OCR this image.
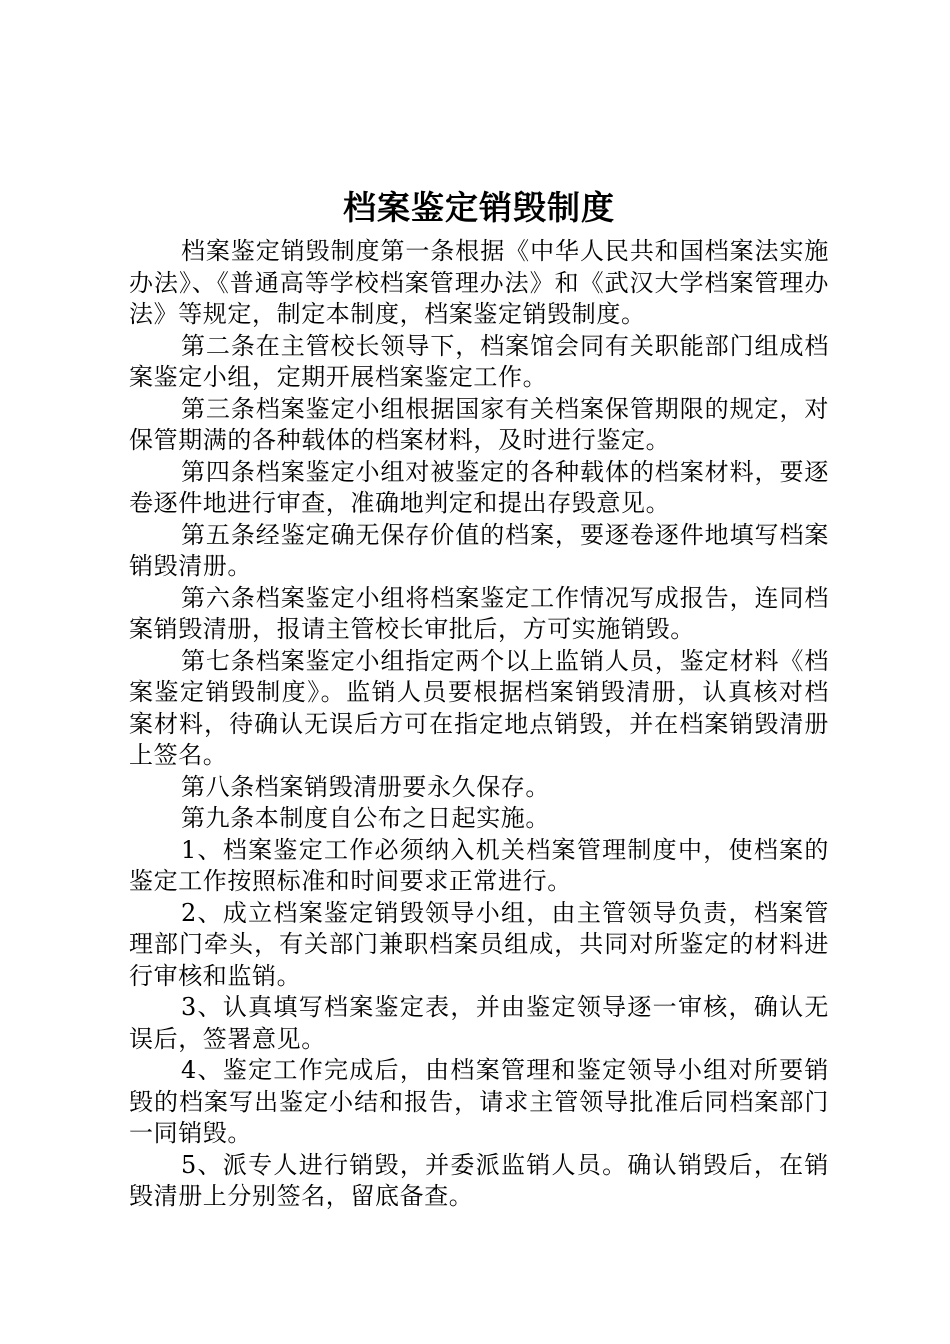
档案鉴定销毁制度

档案鉴定销毁制度第一条根据《中华人民共和国档案法实施办法》、《普通高等学校档案管理办法》和《武汉大学档案管理办法》等规定，制定本制度，档案鉴定销毁制度。

第二条在主管校长领导下，档案馆会同有关职能部门组成档案鉴定小组，定期开展档案鉴定工作。

第三条档案鉴定小组根据国家有关档案保管期限的规定，对保管期满的各种载体的档案材料，及时进行鉴定。

第四条档案鉴定小组对被鉴定的各种载体的档案材料，要逐卷逐件地进行审查，准确地判定和提出存毁意见。

第五条经鉴定确无保存价值的档案，要逐卷逐件地填写档案销毁清册。

第六条档案鉴定小组将档案鉴定工作情况写成报告，连同档案销毁清册，报请主管校长审批后，方可实施销毁。

第七条档案鉴定小组指定两个以上监销人员，鉴定材料《档案鉴定销毁制度》。监销人员要根据档案销毁清册，认真核对档案材料，待确认无误后方可在指定地点销毁，并在档案销毁清册上签名。

第八条档案销毁清册要永久保存。

第九条本制度自公布之日起实施。

1、档案鉴定工作必须纳入机关档案管理制度中，使档案的鉴定工作按照标准和时间要求正常进行。

2、成立档案鉴定销毁领导小组，由主管领导负责，档案管理部门牵头，有关部门兼职档案员组成，共同对所鉴定的材料进行审核和监销。

3、认真填写档案鉴定表，并由鉴定领导逐一审核，确认无误后，签署意见。

4、鉴定工作完成后，由档案管理和鉴定领导小组对所要销毁的档案写出鉴定小结和报告，请求主管领导批准后同档案部门一同销毁。

5、派专人进行销毁，并委派监销人员。确认销毁后，在销毁清册上分别签名，留底备查。
